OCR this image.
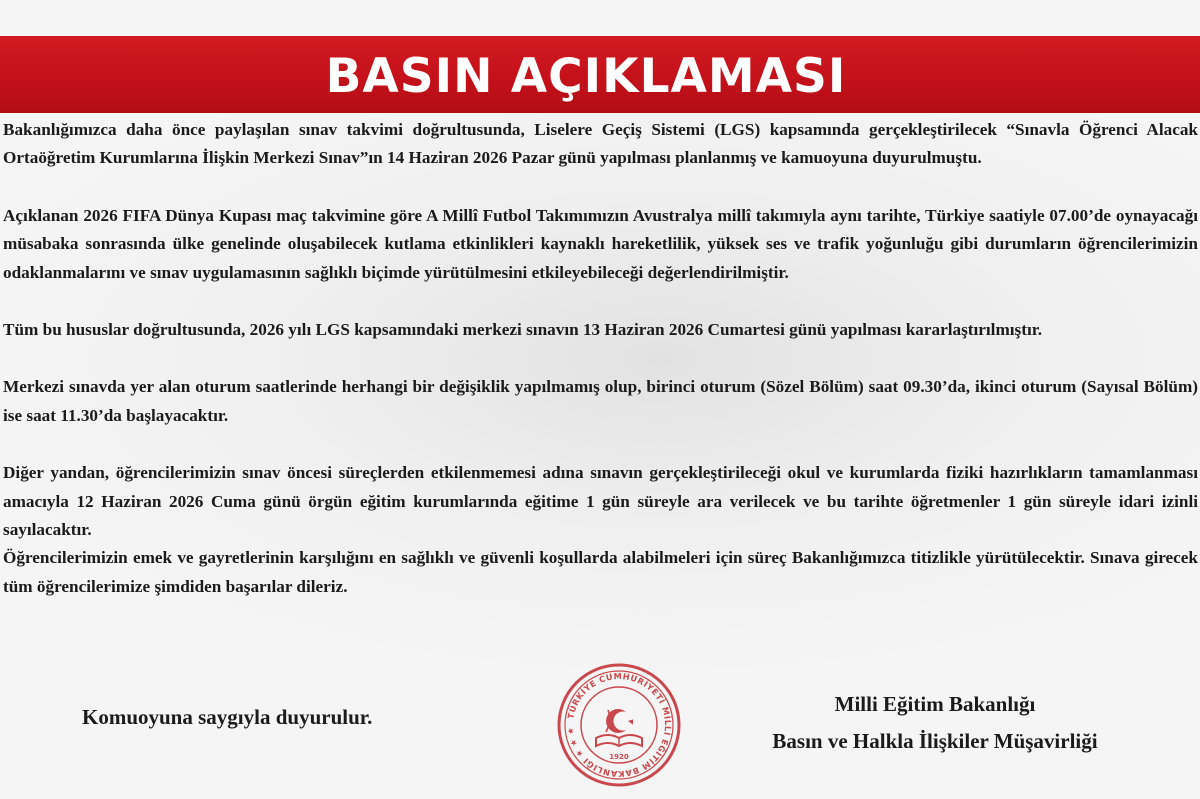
BASIN AÇIKLAMASI

Bakanlığımızca daha önce paylaşılan sınav takvimi doğrultusunda, Liselere Geçiş Sistemi (LGS) kapsamında gerçekleştirilecek “Sınavla Öğrenci Alacak Ortaöğretim Kurumlarına İlişkin Merkezi Sınav”ın 14 Haziran 2026 Pazar günü yapılması planlanmış ve kamuoyuna duyurulmuştu.

Açıklanan 2026 FIFA Dünya Kupası maç takvimine göre A Millî Futbol Takımımızın Avustralya millî takımıyla aynı tarihte, Türkiye saatiyle 07.00’de oynayacağı müsabaka sonrasında ülke genelinde oluşabilecek kutlama etkinlikleri kaynaklı hareketlilik, yüksek ses ve trafik yoğunluğu gibi durumların öğrencilerimizin odaklanmalarını ve sınav uygulamasının sağlıklı biçimde yürütülmesini etkileyebileceği değerlendirilmiştir.

Tüm bu hususlar doğrultusunda, 2026 yılı LGS kapsamındaki merkezi sınavın 13 Haziran 2026 Cumartesi günü yapılması kararlaştırılmıştır.

Merkezi sınavda yer alan oturum saatlerinde herhangi bir değişiklik yapılmamış olup, birinci oturum (Sözel Bölüm) saat 09.30’da, ikinci oturum (Sayısal Bölüm) ise saat 11.30’da başlayacaktır.

Diğer yandan, öğrencilerimizin sınav öncesi süreçlerden etkilenmemesi adına sınavın gerçekleştirileceği okul ve kurumlarda fiziki hazırlıkların tamamlanması amacıyla 12 Haziran 2026 Cuma günü örgün eğitim kurumlarında eğitime 1 gün süreyle ara verilecek ve bu tarihte öğretmenler 1 gün süreyle idari izinli sayılacaktır.

Öğrencilerimizin emek ve gayretlerinin karşılığını en sağlıklı ve güvenli koşullarda alabilmeleri için süreç Bakanlığımızca titizlikle yürütülecektir. Sınava girecek tüm öğrencilerimize şimdiden başarılar dileriz.

Komuoyuna saygıyla duyurulur.	TÜRKİYE CUMHURİYETİ MİLLİ EĞİTİM BAKANLIĞI ★ ★ ★
1920
Milli Eğitim Bakanlığı
Basın ve Halkla İlişkiler Müşavirliği
